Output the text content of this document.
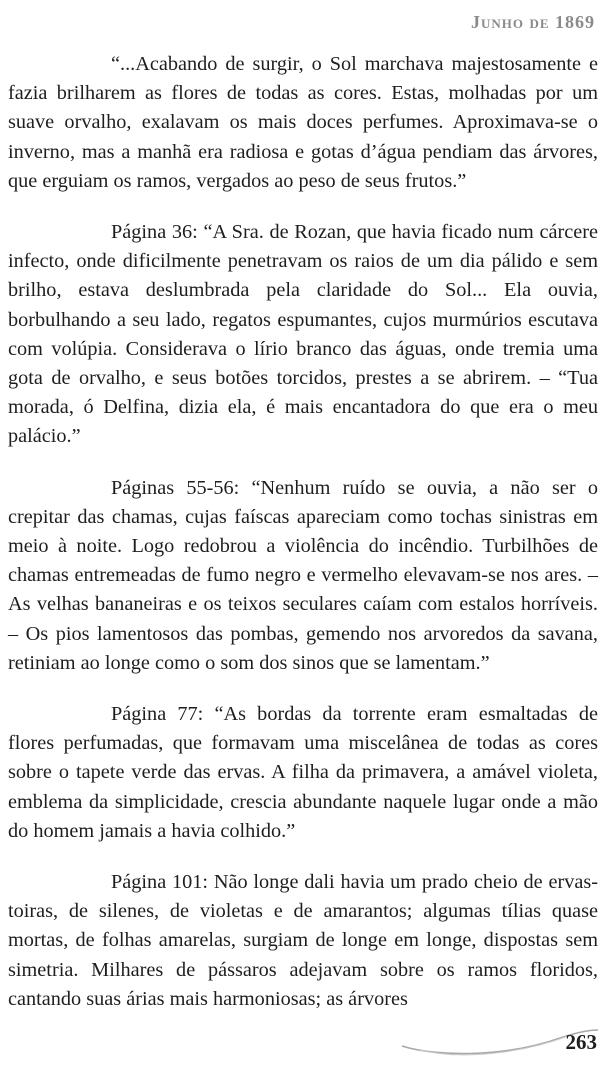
Junho de 1869

“...Acabando de surgir, o Sol marchava majestosamente e fazia brilharem as flores de todas as cores. Estas, molhadas por um suave orvalho, exalavam os mais doces perfumes. Aproximava-se o inverno, mas a manhã era radiosa e gotas d’água pendiam das árvores, que erguiam os ramos, vergados ao peso de seus frutos.”

Página 36: “A Sra. de Rozan, que havia ficado num cárcere infecto, onde dificilmente penetravam os raios de um dia pálido e sem brilho, estava deslumbrada pela claridade do Sol... Ela ouvia, borbulhando a seu lado, regatos espumantes, cujos murmúrios escutava com volúpia. Considerava o lírio branco das águas, onde tremia uma gota de orvalho, e seus botões torcidos, prestes a se abrirem. – “Tua morada, ó Delfina, dizia ela, é mais encantadora do que era o meu palácio.”

Páginas 55-56: “Nenhum ruído se ouvia, a não ser o crepitar das chamas, cujas faíscas apareciam como tochas sinistras em meio à noite. Logo redobrou a violência do incêndio. Turbilhões de chamas entremeadas de fumo negro e vermelho elevavam-se nos ares. – As velhas bananeiras e os teixos seculares caíam com estalos horríveis. – Os pios lamentosos das pombas, gemendo nos arvoredos da savana, retiniam ao longe como o som dos sinos que se lamentam.”

Página 77: “As bordas da torrente eram esmaltadas de flores perfumadas, que formavam uma miscelânea de todas as cores sobre o tapete verde das ervas. A filha da primavera, a amável violeta, emblema da simplicidade, crescia abundante naquele lugar onde a mão do homem jamais a havia colhido.”

Página 101: Não longe dali havia um prado cheio de ervas-toiras, de silenes, de violetas e de amarantos; algumas tílias quase mortas, de folhas amarelas, surgiam de longe em longe, dispostas sem simetria. Milhares de pássaros adejavam sobre os ramos floridos, cantando suas árias mais harmoniosas; as árvores

263
